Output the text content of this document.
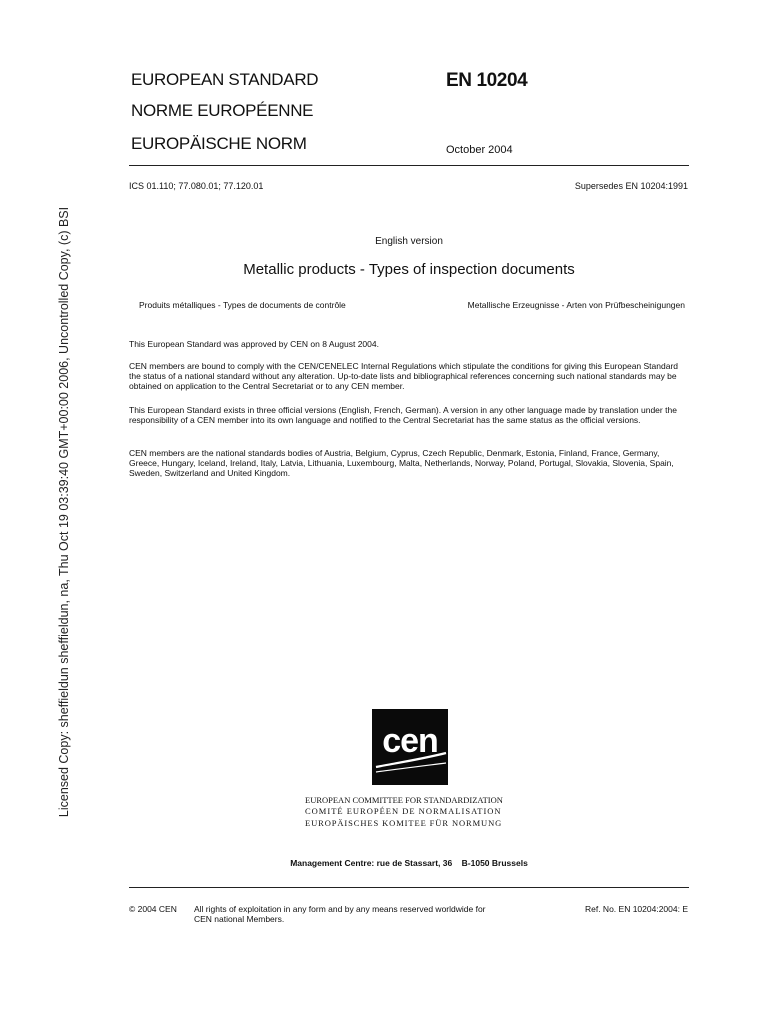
EUROPEAN STANDARD
NORME EUROPÉENNE
EUROPÄISCHE NORM
EN 10204
October 2004
ICS 01.110; 77.080.01; 77.120.01	Supersedes EN 10204:1991
English version
Metallic products - Types of inspection documents
Produits métalliques - Types de documents de contrôle	Metallische Erzeugnisse - Arten von Prüfbescheinigungen

This European Standard was approved by CEN on 8 August 2004.

CEN members are bound to comply with the CEN/CENELEC Internal Regulations which stipulate the conditions for giving this European Standard the status of a national standard without any alteration. Up-to-date lists and bibliographical references concerning such national standards may be obtained on application to the Central Secretariat or to any CEN member.

This European Standard exists in three official versions (English, French, German). A version in any other language made by translation under the responsibility of a CEN member into its own language and notified to the Central Secretariat has the same status as the official versions.

CEN members are the national standards bodies of Austria, Belgium, Cyprus, Czech Republic, Denmark, Estonia, Finland, France, Germany, Greece, Hungary, Iceland, Ireland, Italy, Latvia, Lithuania, Luxembourg, Malta, Netherlands, Norway, Poland, Portugal, Slovakia, Slovenia, Spain, Sweden, Switzerland and United Kingdom.

Licensed Copy: sheffieldun sheffieldun, na, Thu Oct 19 03:39:40 GMT+00:00 2006, Uncontrolled Copy, (c) BSI	cen
EUROPEAN COMMITTEE FOR STANDARDIZATION
COMITÉ EUROPÉEN DE NORMALISATION
EUROPÄISCHES KOMITEE FÜR NORMUNG
Management Centre: rue de Stassart, 36    B-1050 Brussels
© 2004 CEN All rights of exploitation in any form and by any means reserved worldwide for CEN national Members.
Ref. No. EN 10204:2004: E
